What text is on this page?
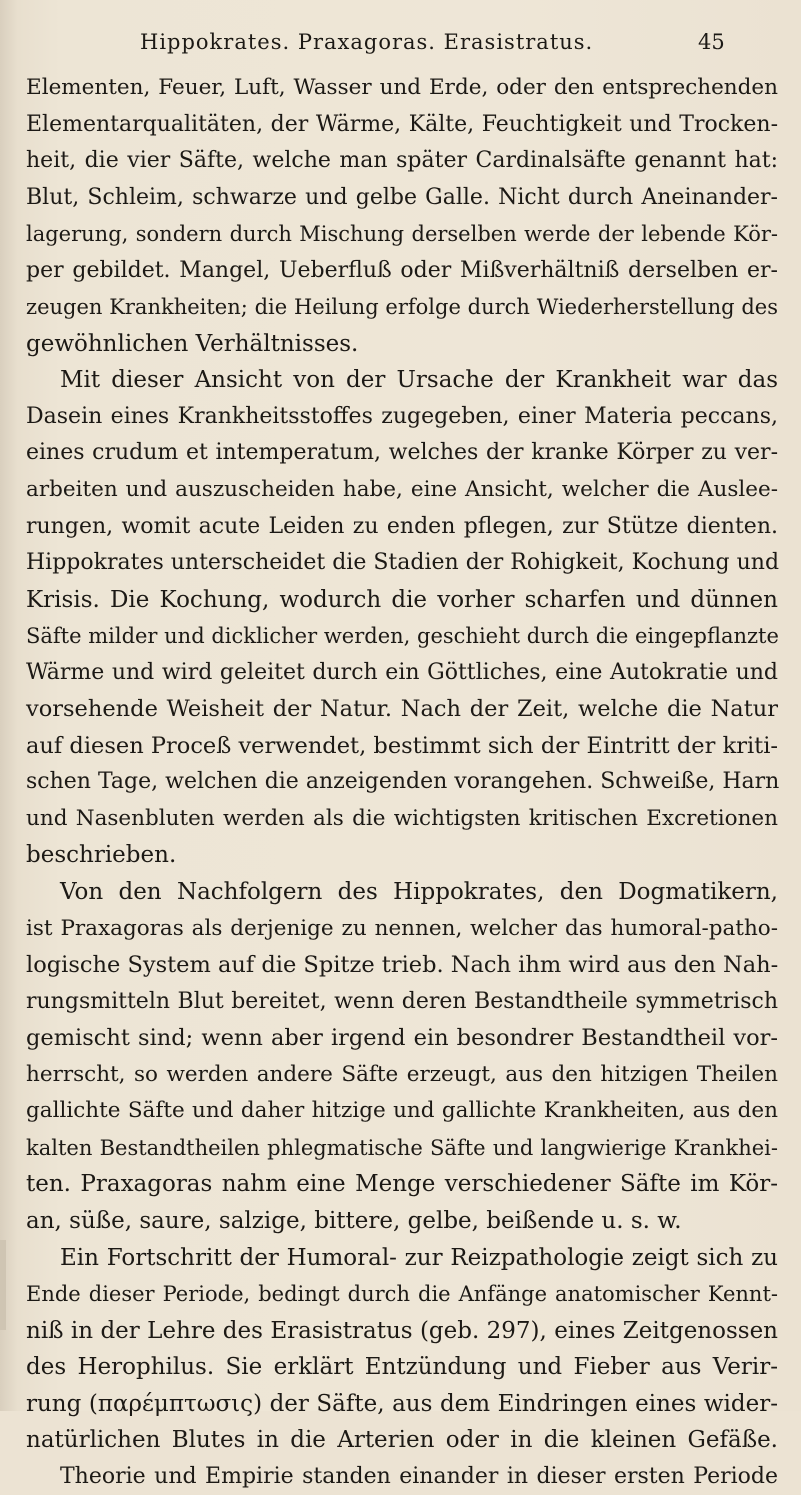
Hippokrates. Praxagoras. Erasistratus.	45
Elementen, Feuer, Luft, Wasser und Erde, oder den entsprechenden
Elementarqualitäten, der Wärme, Kälte, Feuchtigkeit und Trocken-
heit, die vier Säfte, welche man später Cardinalsäfte genannt hat:
Blut, Schleim, schwarze und gelbe Galle. Nicht durch Aneinander-
lagerung, sondern durch Mischung derselben werde der lebende Kör-
per gebildet. Mangel, Ueberfluß oder Mißverhältniß derselben er-
zeugen Krankheiten; die Heilung erfolge durch Wiederherstellung des
gewöhnlichen Verhältnisses.
Mit dieser Ansicht von der Ursache der Krankheit war das
Dasein eines Krankheitsstoffes zugegeben, einer Materia peccans,
eines crudum et intemperatum, welches der kranke Körper zu ver-
arbeiten und auszuscheiden habe, eine Ansicht, welcher die Auslee-
rungen, womit acute Leiden zu enden pflegen, zur Stütze dienten.
Hippokrates unterscheidet die Stadien der Rohigkeit, Kochung und
Krisis. Die Kochung, wodurch die vorher scharfen und dünnen
Säfte milder und dicklicher werden, geschieht durch die eingepflanzte
Wärme und wird geleitet durch ein Göttliches, eine Autokratie und
vorsehende Weisheit der Natur. Nach der Zeit, welche die Natur
auf diesen Proceß verwendet, bestimmt sich der Eintritt der kriti-
schen Tage, welchen die anzeigenden vorangehen. Schweiße, Harn
und Nasenbluten werden als die wichtigsten kritischen Excretionen
beschrieben.
Von den Nachfolgern des Hippokrates, den Dogmatikern,
ist Praxagoras als derjenige zu nennen, welcher das humoral-patho-
logische System auf die Spitze trieb. Nach ihm wird aus den Nah-
rungsmitteln Blut bereitet, wenn deren Bestandtheile symmetrisch
gemischt sind; wenn aber irgend ein besondrer Bestandtheil vor-
herrscht, so werden andere Säfte erzeugt, aus den hitzigen Theilen
gallichte Säfte und daher hitzige und gallichte Krankheiten, aus den
kalten Bestandtheilen phlegmatische Säfte und langwierige Krankhei-
ten. Praxagoras nahm eine Menge verschiedener Säfte im Kör-
an, süße, saure, salzige, bittere, gelbe, beißende u. s. w.
Ein Fortschritt der Humoral- zur Reizpathologie zeigt sich zu
Ende dieser Periode, bedingt durch die Anfänge anatomischer Kennt-
niß in der Lehre des Erasistratus (geb. 297), eines Zeitgenossen
des Herophilus. Sie erklärt Entzündung und Fieber aus Verir-
rung (παρέμπτωσις) der Säfte, aus dem Eindringen eines wider-
natürlichen Blutes in die Arterien oder in die kleinen Gefäße.
Theorie und Empirie standen einander in dieser ersten Periode
